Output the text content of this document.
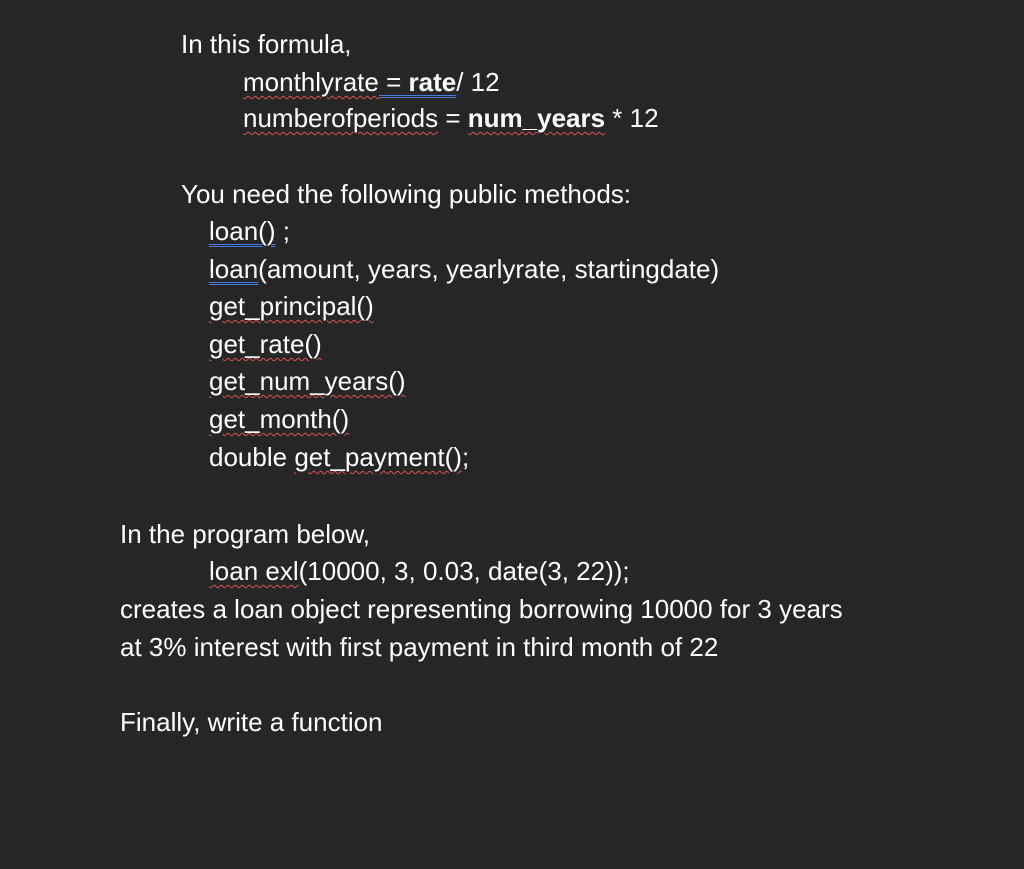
In this formula,
monthlyrate = rate/ 12
numberofperiods = num_years * 12
You need the following public methods:
loan() ;
loan(amount, years, yearlyrate, startingdate)
get_principal()
get_rate()
get_num_years()
get_month()
double get_payment();
In the program below,
loan exl(10000, 3, 0.03, date(3, 22));
creates a loan object representing borrowing 10000 for 3 years
at 3% interest with first payment in third month of 22
Finally, write a function
